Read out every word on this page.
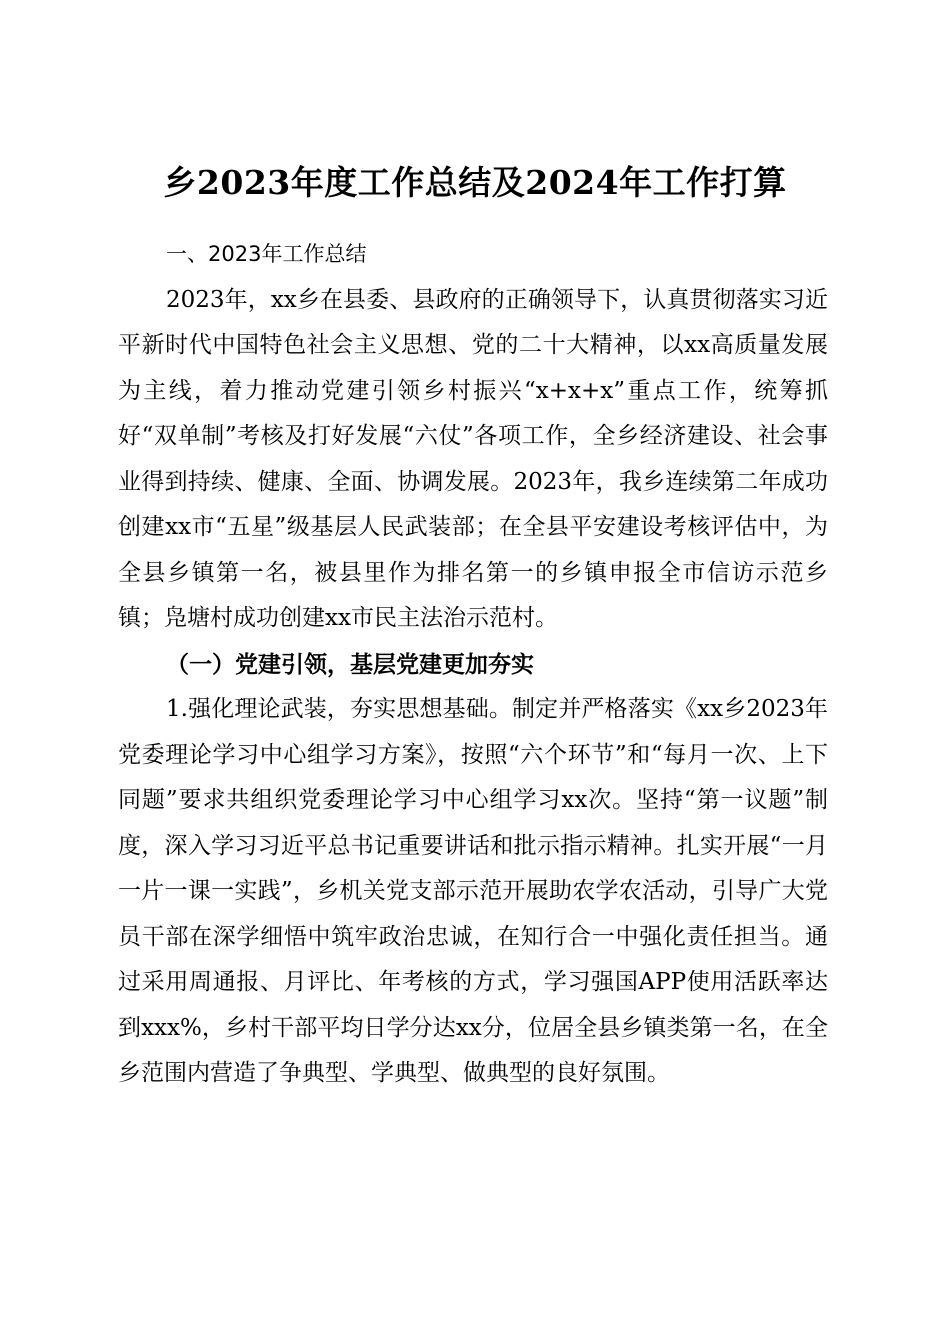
乡2023年度工作总结及2024年工作打算
一、2023年工作总结

2023年，xx乡在县委、县政府的正确领导下，认真贯彻落实习近平新时代中国特色社会主义思想、党的二十大精神，以xx高质量发展为主线，着力推动党建引领乡村振兴“x+x+x”重点工作，统筹抓好“双单制”考核及打好发展“六仗”各项工作，全乡经济建设、社会事业得到持续、健康、全面、协调发展。2023年，我乡连续第二年成功创建xx市“五星”级基层人民武装部；在全县平安建设考核评估中，为全县乡镇第一名，被县里作为排名第一的乡镇申报全市信访示范乡镇；凫塘村成功创建xx市民主法治示范村。

（一）党建引领，基层党建更加夯实

1.强化理论武装，夯实思想基础。制定并严格落实《xx乡2023年党委理论学习中心组学习方案》，按照“六个环节”和“每月一次、上下同题”要求共组织党委理论学习中心组学习xx次。坚持“第一议题”制度，深入学习习近平总书记重要讲话和批示指示精神。扎实开展“一月一片一课一实践”，乡机关党支部示范开展助农学农活动，引导广大党员干部在深学细悟中筑牢政治忠诚，在知行合一中强化责任担当。通过采用周通报、月评比、年考核的方式，学习强国APP使用活跃率达到xxx%，乡村干部平均日学分达xx分，位居全县乡镇类第一名，在全乡范围内营造了争典型、学典型、做典型的良好氛围。
